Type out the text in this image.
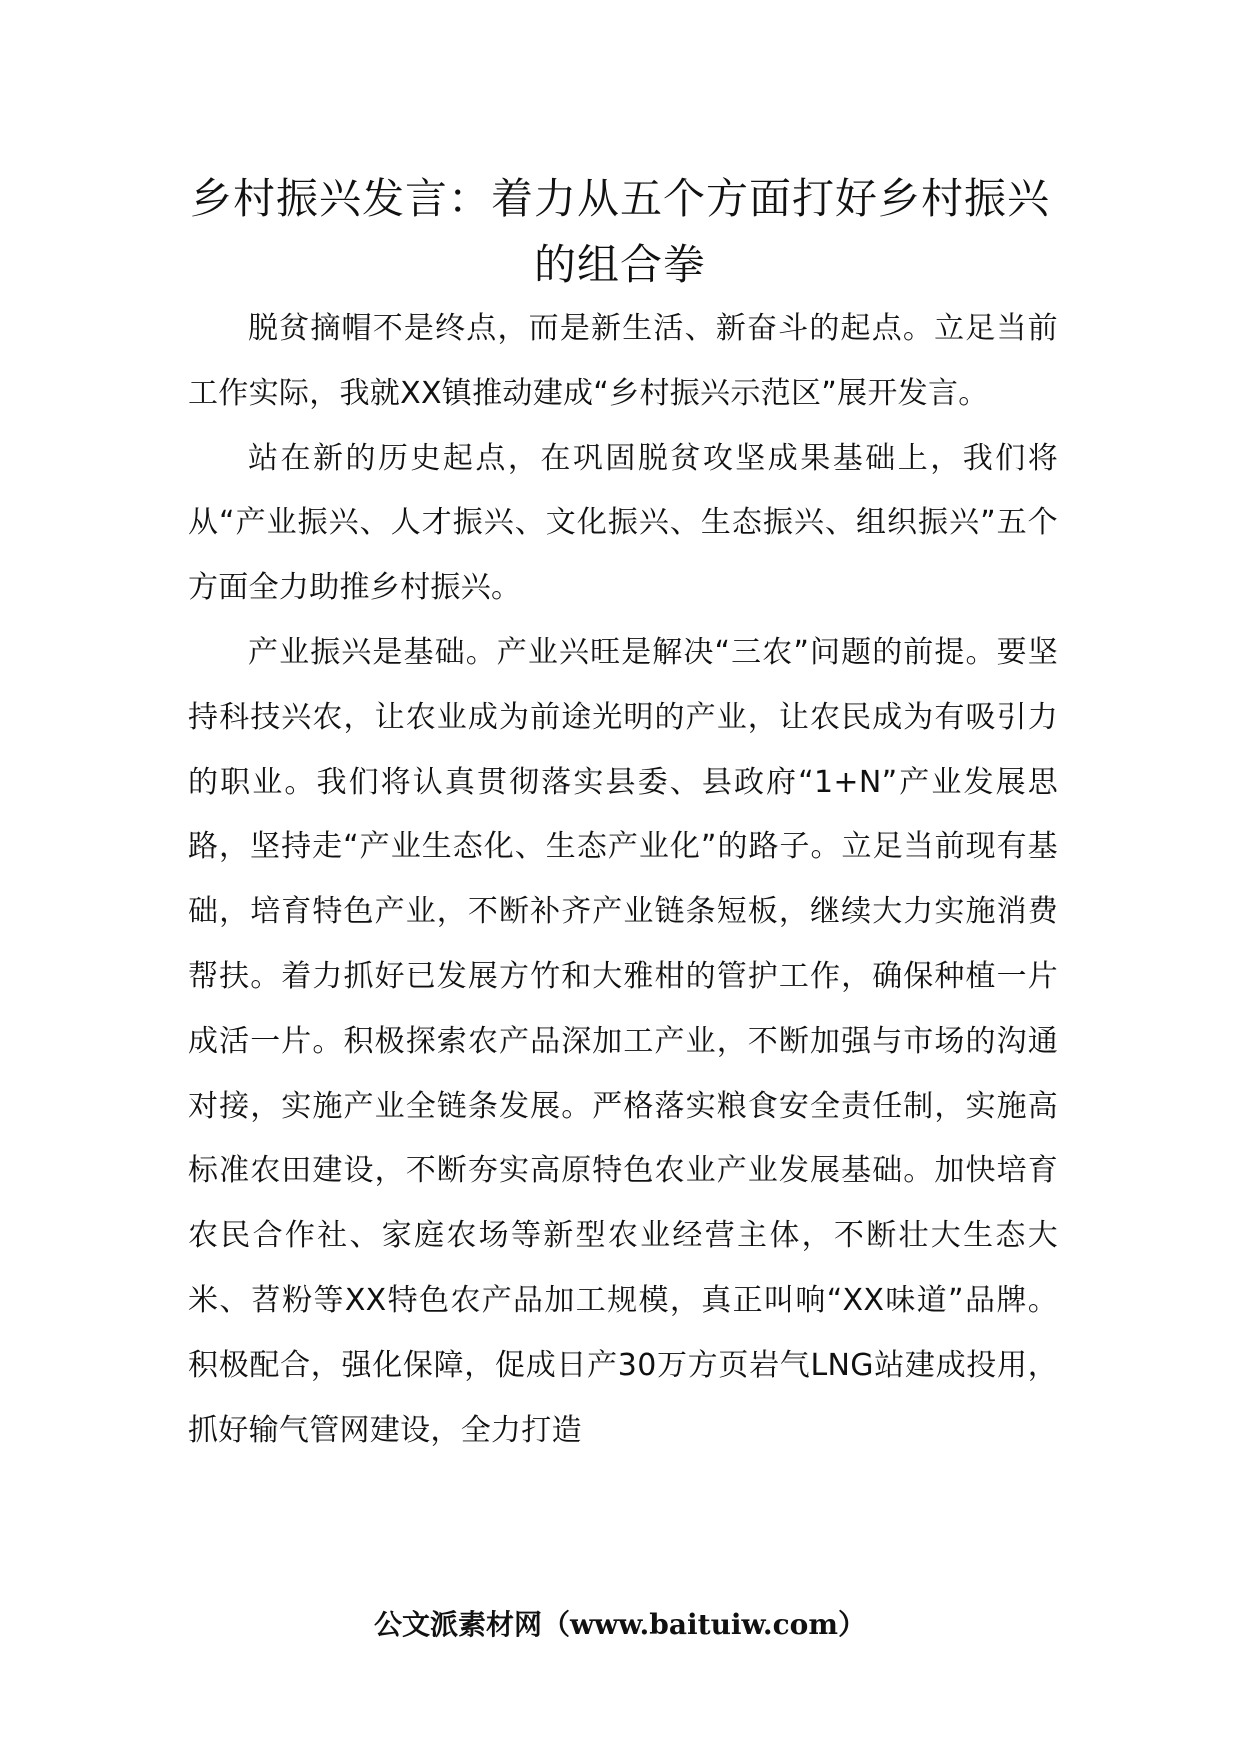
乡村振兴发言：着力从五个方面打好乡村振兴的组合拳

脱贫摘帽不是终点，而是新生活、新奋斗的起点。立足当前工作实际，我就XX镇推动建成“乡村振兴示范区”展开发言。

站在新的历史起点，在巩固脱贫攻坚成果基础上，我们将从“产业振兴、人才振兴、文化振兴、生态振兴、组织振兴”五个方面全力助推乡村振兴。

产业振兴是基础。产业兴旺是解决“三农”问题的前提。要坚持科技兴农，让农业成为前途光明的产业，让农民成为有吸引力的职业。我们将认真贯彻落实县委、县政府“1+N”产业发展思路，坚持走“产业生态化、生态产业化”的路子。立足当前现有基础，培育特色产业，不断补齐产业链条短板，继续大力实施消费帮扶。着力抓好已发展方竹和大雅柑的管护工作，确保种植一片成活一片。积极探索农产品深加工产业，不断加强与市场的沟通对接，实施产业全链条发展。严格落实粮食安全责任制，实施高标准农田建设，不断夯实高原特色农业产业发展基础。加快培育农民合作社、家庭农场等新型农业经营主体，不断壮大生态大米、苕粉等XX特色农产品加工规模，真正叫响“XX味道”品牌。积极配合，强化保障，促成日产30万方页岩气LNG站建成投用，抓好输气管网建设，全力打造

公文派素材网（www.baituiw.com）
